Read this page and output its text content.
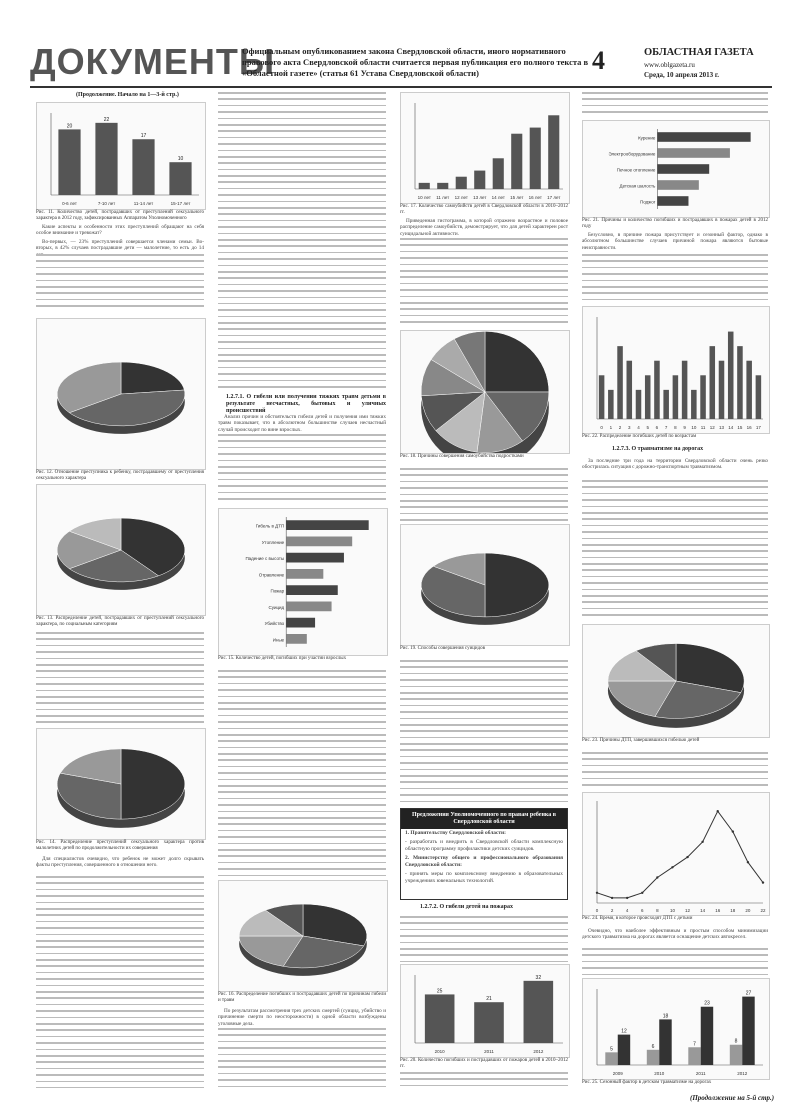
ДОКУМЕНТЫ
Официальным опубликованием закона Свердловской области, иного нормативного правового акта Свердловской области считается первая публикация его полного текста в «Областной газете» (статья 61 Устава Свердловской области)	4	ОБЛАСТНАЯ ГАЗЕТА
www.oblgazeta.ru
Среда, 10 апреля 2013 г.
(Продолжение. Начало на 1—3-й стр.)
20
22
17
10
0-6 лет	7-10 лет	11-14 лет	15-17 лет
Рис. 11. Количество детей, пострадавших от преступлений сексуального характера в 2012 году, зафиксированных Аппаратом Уполномоченного

Какие аспекты и особенности этих преступлений обращают на себя особое внимание и тревожат?

Во-первых, — 23% преступлений совершается членами семьи. Во-вторых, в 42% случаев пострадавшие дети — малолетние, то есть до 14

Рис. 12. Отношение преступника к ребенку, пострадавшему от преступления сексуального характера
Рис. 13. Распределение детей, пострадавших от преступлений сексуального характера, по социальным категориям
Рис. 14. Распределение преступлений сексуального характера против малолетних детей по продолжительности их совершения

Для специалистов очевидно, что ребенок не может долго скрывать факты преступления, совершенного в отношении него.

1.2.7.1. О гибели или получении тяжких травм детьми в результате несчастных, бытовых и уличных происшествий

Анализ причин и обстоятельств гибели детей и получения ими тяжких травм показывает, что в абсолютном большинстве случаев несчастный случай происходит по вине взрослых.

Гибель в ДТП
Утопление
Падение с высоты
Отравление
Пожар
Суицид
Убийство
Иные
Рис. 15. Количество детей, погибших при участии взрослых
Рис. 16. Распределение погибших и пострадавших детей по причинам гибели и травм

По результатам рассмотрения трех детских смертей (суицид, убийство и причинение смерти по неосторожности) в одной области возбуждены уголовные дела.

10 лет 11 лет 12 лет 13 лет 14 лет 15 лет 16 лет 17 лет
Рис. 17. Количество самоубийств детей в Свердловской области в 2010–2012 гг.

Приведенная гистограмма, в которой отражено возрастное и половое распределение самоубийств, демонстрирует, что для детей характерен рост суицидальной активности.

Рис. 18. Причины совершения самоубийства подростками
Рис. 19. Способы совершения суицидов
Предложения Уполномоченного по правам ребенка в Свердловской области
1. Правительству Свердловской области:
- разработать и внедрить в Свердловской области комплексную областную программу профилактики детских суицидов.
2. Министерству общего и профессионального образования Свердловской области:
- принять меры по комплексному внедрению в образовательных учреждениях ювенальных технологий.
1.2.7.2. О гибели детей на пожарах
25
21
32
2010	2011	2012
Рис. 20. Количество погибших и пострадавших от пожаров детей в 2010–2012 гг.
Курение
Электрооборудование
Печное отопление
Детская шалость
Поджог
Рис. 21. Причины и количество погибших и пострадавших в пожарах детей в 2012 году

Безусловно, в причине пожара присутствует и сезонный фактор, однако в абсолютном большинстве случаев причиной пожара являются бытовые неисправности.

0 1 2 3 4 5 6 7 8 9 10 11 12 13 14 15 16 17
Рис. 22. Распределение погибших детей по возрастам
1.2.7.3. О травматизме на дорогах

За последние три года на территории Свердловской области очень резко обострилась ситуация с дорожно-транспортным травматизмом.

Рис. 23. Причины ДТП, завершившихся гибелью детей
0	2	4	6	8	10 12 14 16 18 20 22
Рис. 24. Время, в которое происходят ДТП с детьми

Очевидно, что наиболее эффективным и простым способом минимизации детского травматизма на дорогах является оснащение детских автокресел.

5	6	7	8
12
18
23
27
2009	2010	2011	2012
Рис. 25. Сезонный фактор в детском травматизме на дорогах
(Продолжение на 5-й стр.)
